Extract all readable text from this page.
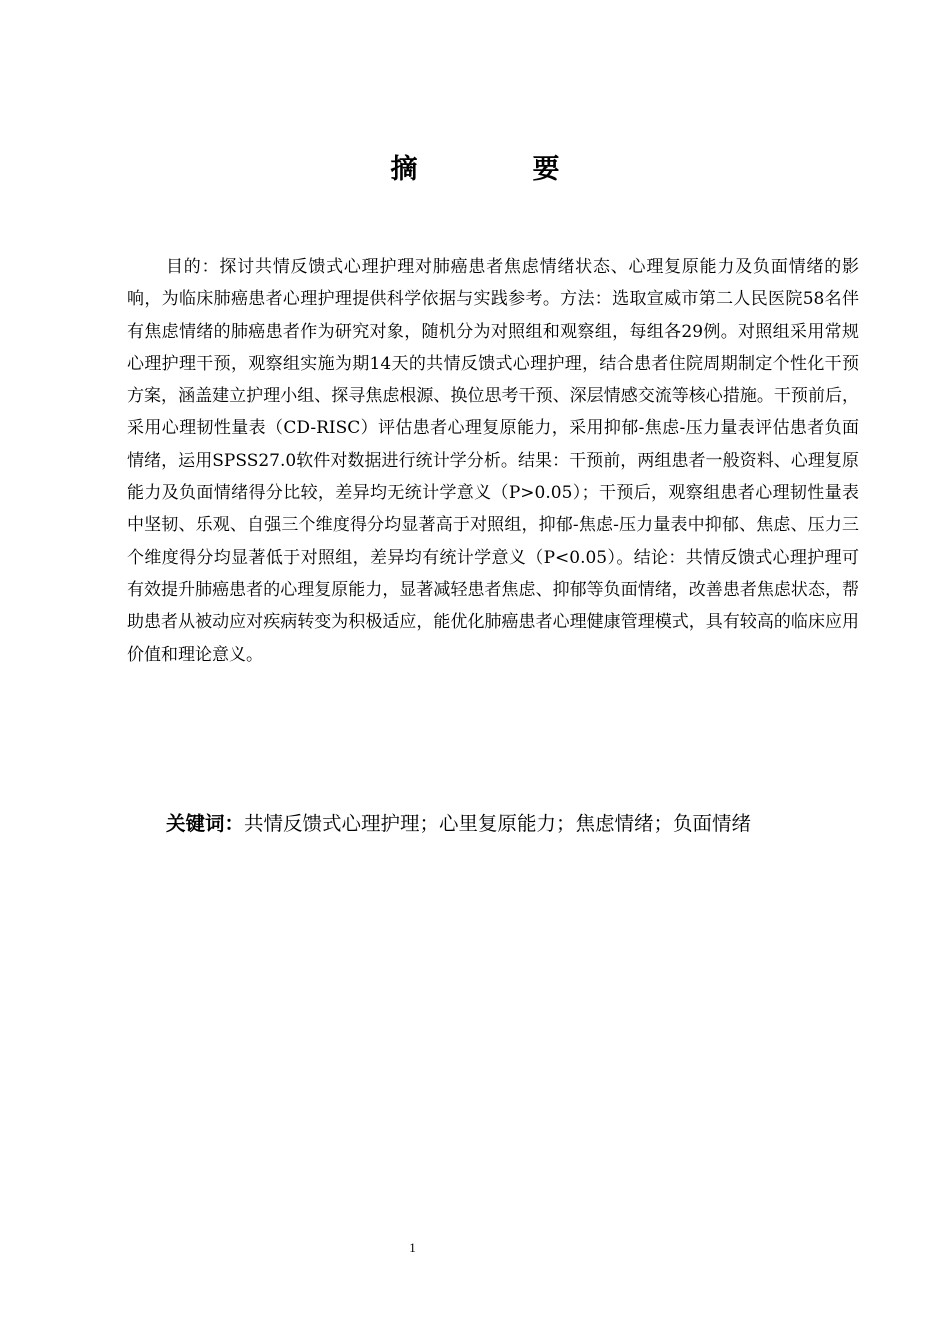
摘　要

目的：探讨共情反馈式心理护理对肺癌患者焦虑情绪状态、心理复原能力及负面情绪的影响，为临床肺癌患者心理护理提供科学依据与实践参考。方法：选取宣威市第二人民医院58名伴有焦虑情绪的肺癌患者作为研究对象，随机分为对照组和观察组，每组各29例。对照组采用常规心理护理干预，观察组实施为期14天的共情反馈式心理护理，结合患者住院周期制定个性化干预方案，涵盖建立护理小组、探寻焦虑根源、换位思考干预、深层情感交流等核心措施。干预前后，采用心理韧性量表（CD-RISC）评估患者心理复原能力，采用抑郁-焦虑-压力量表评估患者负面情绪，运用SPSS27.0软件对数据进行统计学分析。结果：干预前，两组患者一般资料、心理复原能力及负面情绪得分比较，差异均无统计学意义（P>0.05）；干预后，观察组患者心理韧性量表中坚韧、乐观、自强三个维度得分均显著高于对照组，抑郁-焦虑-压力量表中抑郁、焦虑、压力三个维度得分均显著低于对照组，差异均有统计学意义（P<0.05）。结论：共情反馈式心理护理可有效提升肺癌患者的心理复原能力，显著减轻患者焦虑、抑郁等负面情绪，改善患者焦虑状态，帮助患者从被动应对疾病转变为积极适应，能优化肺癌患者心理健康管理模式，具有较高的临床应用价值和理论意义。

关键词：共情反馈式心理护理；心里复原能力；焦虑情绪；负面情绪
1
